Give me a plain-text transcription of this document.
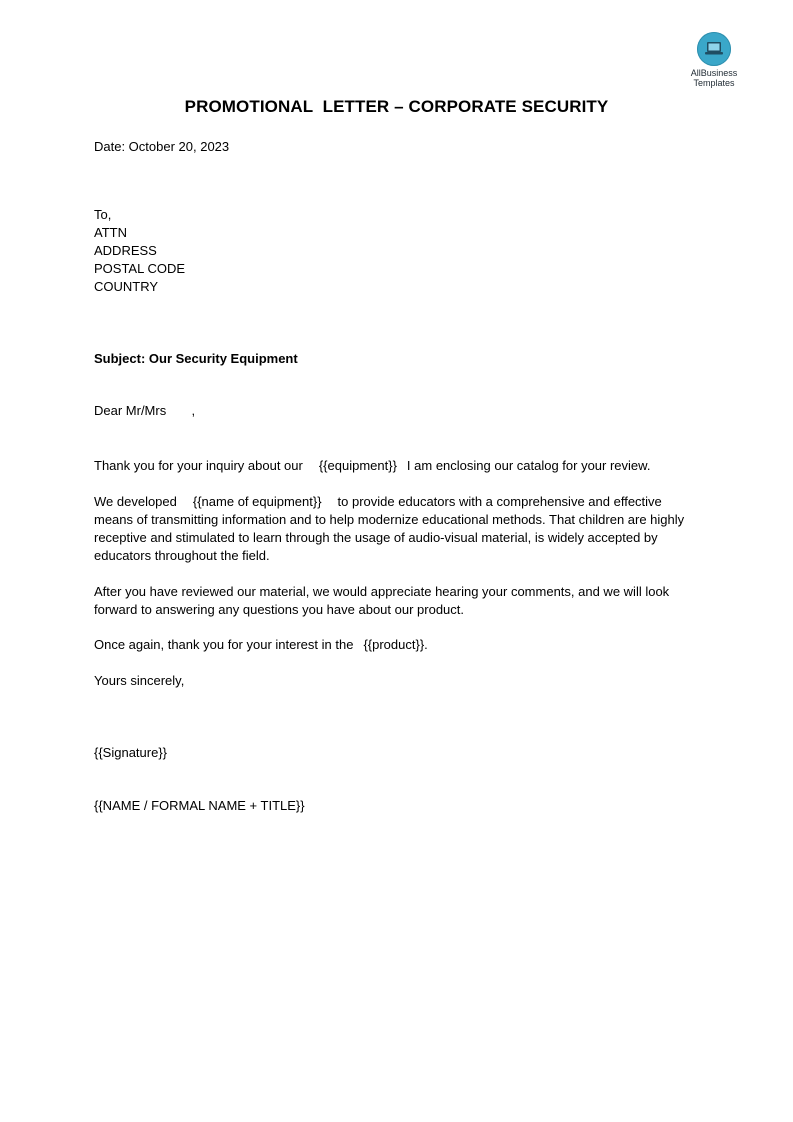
AllBusiness
Templates
PROMOTIONAL  LETTER – CORPORATE SECURITY
Date: October 20, 2023
To,
ATTN
ADDRESS
POSTAL CODE
COUNTRY
Subject: Our Security Equipment
Dear Mr/Mrs       ,
Thank you for your inquiry about our {{equipment}} I am enclosing our catalog for your review.
We developed {{name of equipment}} to provide educators with a comprehensive and effective means of transmitting information and to help modernize educational methods. That children are highly receptive and stimulated to learn through the usage of audio-visual material, is widely accepted by educators throughout the field.
After you have reviewed our material, we would appreciate hearing your comments, and we will look forward to answering any questions you have about our product.
Once again, thank you for your interest in the {{product}}.
Yours sincerely,
{{Signature}}
{{NAME / FORMAL NAME + TITLE}}
